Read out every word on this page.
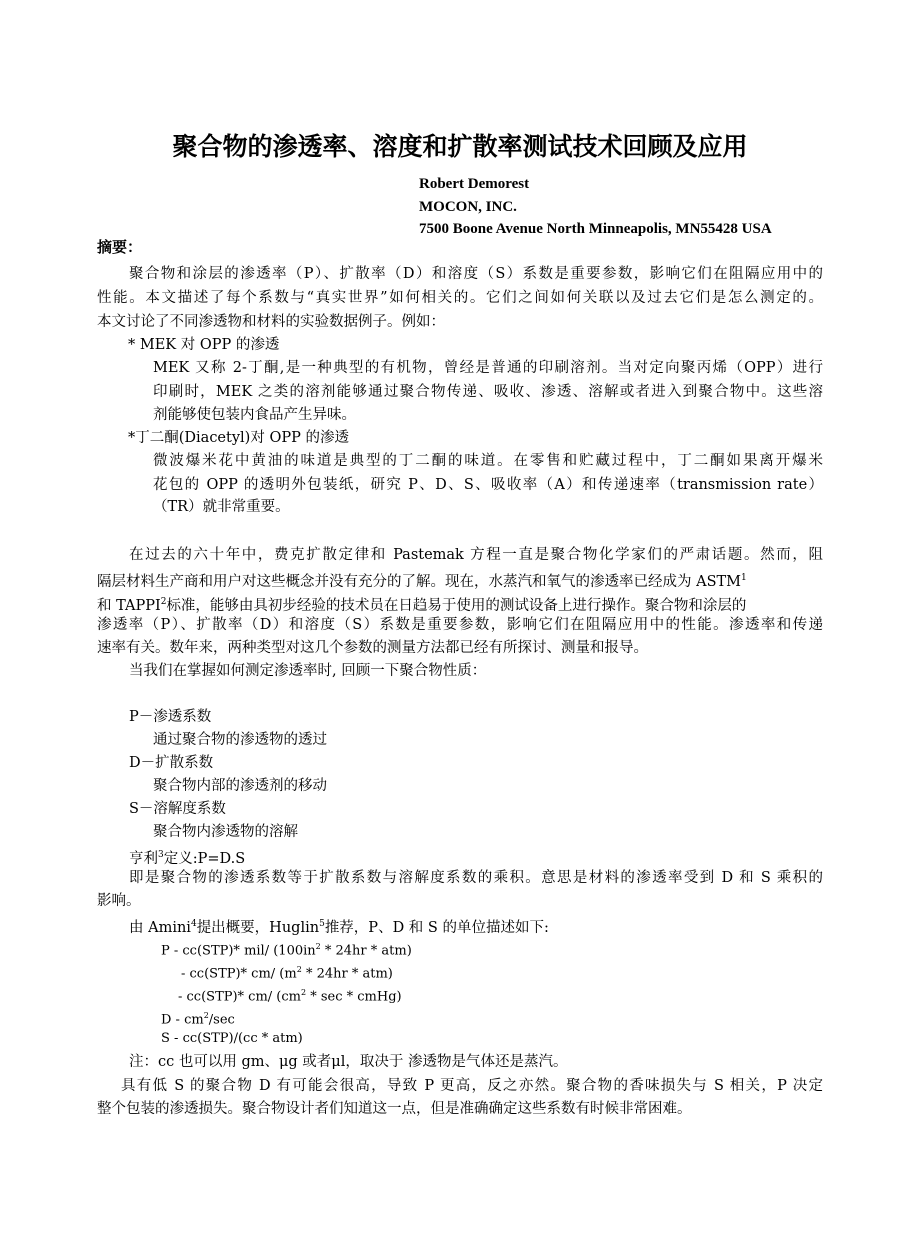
聚合物的渗透率、溶度和扩散率测试技术回顾及应用

Robert Demorest

MOCON, INC.

7500 Boone Avenue North Minneapolis, MN55428 USA

摘要：

聚合物和涂层的渗透率（P）、扩散率（D）和溶度（S）系数是重要参数，影响它们在阻隔应用中的

性能。本文描述了每个系数与“真实世界”如何相关的。它们之间如何关联以及过去它们是怎么测定的。

本文讨论了不同渗透物和材料的实验数据例子。例如：

* MEK 对 OPP 的渗透

MEK 又称 2-丁酮,是一种典型的有机物，曾经是普通的印刷溶剂。当对定向聚丙烯（OPP）进行

印刷时，MEK 之类的溶剂能够通过聚合物传递、吸收、渗透、溶解或者进入到聚合物中。这些溶

剂能够使包装内食品产生异味。

*丁二酮(Diacetyl)对 OPP 的渗透

微波爆米花中黄油的味道是典型的丁二酮的味道。在零售和贮藏过程中，丁二酮如果离开爆米

花包的 OPP 的透明外包装纸，研究 P、D、S、吸收率（A）和传递速率（transmission rate）

（TR）就非常重要。

在过去的六十年中，费克扩散定律和 Pastemak 方程一直是聚合物化学家们的严肃话题。然而，阻

隔层材料生产商和用户对这些概念并没有充分的了解。现在，水蒸汽和氧气的渗透率已经成为 ASTM$^1$

和 TAPPI$^2$标准，能够由具初步经验的技术员在日趋易于使用的测试设备上进行操作。聚合物和涂层的

渗透率（P）、扩散率（D）和溶度（S）系数是重要参数，影响它们在阻隔应用中的性能。渗透率和传递

速率有关。数年来，两种类型对这几个参数的测量方法都已经有所探讨、测量和报导。

当我们在掌握如何测定渗透率时, 回顾一下聚合物性质：

P－渗透系数

通过聚合物的渗透物的透过

D－扩散系数

聚合物内部的渗透剂的移动

S－溶解度系数

聚合物内渗透物的溶解

亨利$^3$定义:P=D.S

即是聚合物的渗透系数等于扩散系数与溶解度系数的乘积。意思是材料的渗透率受到 D 和 S 乘积的

影响。

由 Amini$^4$提出概要，Huglin$^5$推荐，P、D 和 S 的单位描述如下:

P - cc(STP)* mil/ $(100in^2 * 24hr * atm)$

- cc(STP)* cm/ $(m^2 * 24hr * atm)$

- cc(STP)* cm/ ($cm^2$ * sec * cmHg)

D - $cm^2/\sec$

S - cc(STP)/(cc * atm)

注：cc 也可以用 gm、μg 或者μl，取决于 渗透物是气体还是蒸汽。

具有低 S 的聚合物 D 有可能会很高，导致 P 更高，反之亦然。聚合物的香味损失与 S 相关，P 决定

整个包装的渗透损失。聚合物设计者们知道这一点，但是准确确定这些系数有时候非常困难。
